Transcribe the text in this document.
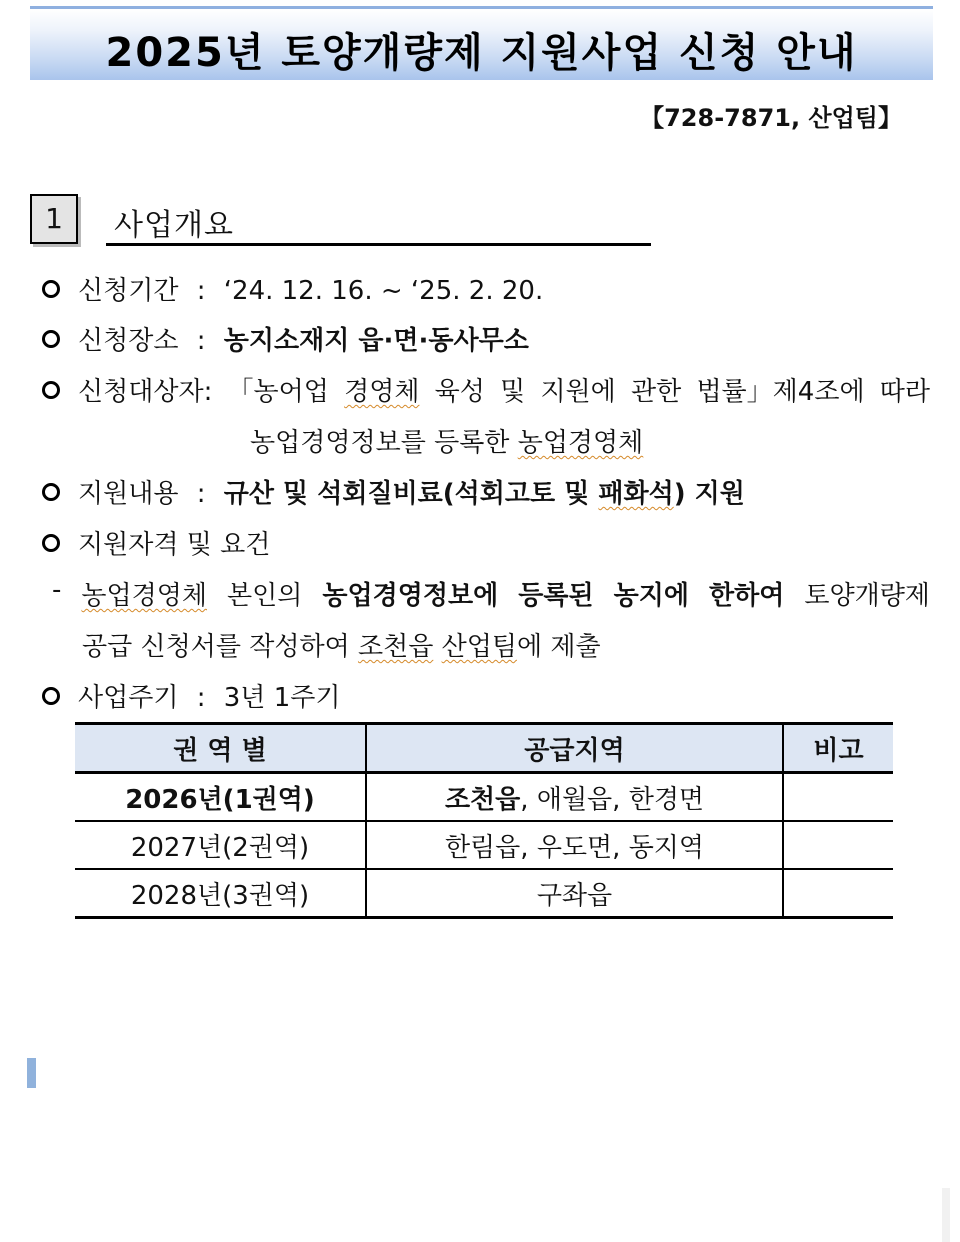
2025년 토양개량제 지원사업 신청 안내
【728-7871, 산업팀】
1	사업개요
신청기간 : ‘24. 12. 16. ~ ‘25. 2. 20.
신청장소 : 농지소재지 읍·면·동사무소
신청대상자: 「농어업 경영체 육성 및 지원에 관한 법률」제4조에 따라
농업경영정보를 등록한 농업경영체
지원내용 : 규산 및 석회질비료(석회고토 및 패화석) 지원
지원자격 및 요건
- 농업경영체 본인의 농업경영정보에 등록된 농지에 한하여 토양개량제
공급 신청서를 작성하여 조천읍 산업팀에 제출
사업주기 : 3년 1주기
권 역 별	공급지역	비고
2026년(1권역)	조천읍, 애월읍, 한경면	
2027년(2권역)	한림읍, 우도면, 동지역	
2028년(3권역)	구좌읍	
